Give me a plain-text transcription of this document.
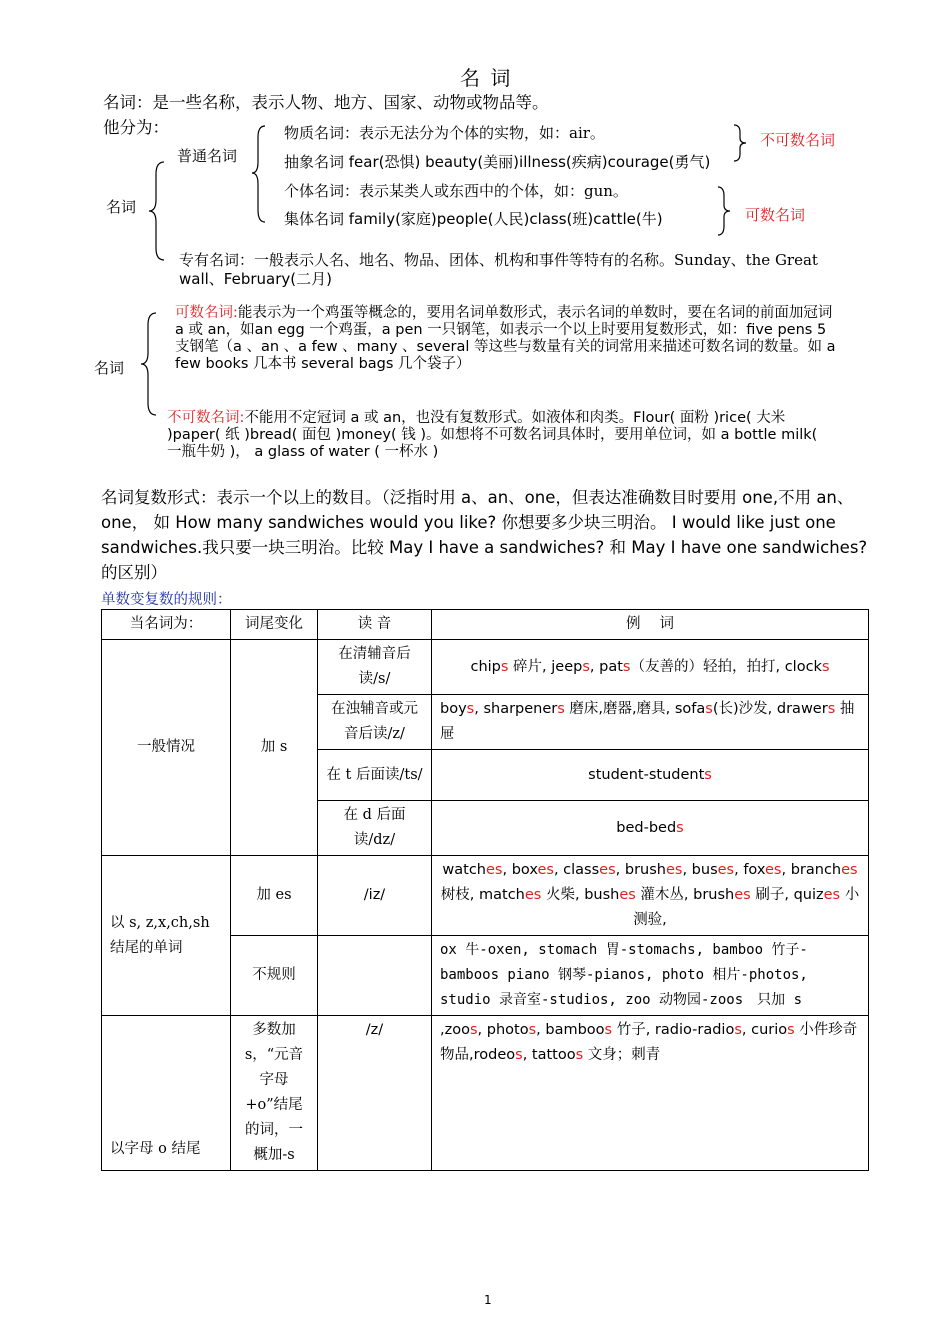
名 词
名词：是一些名称，表示人物、地方、国家、动物或物品等。
他分为：
名词
普通名词
物质名词：表示无法分为个体的实物，如：air。
抽象名词 fear(恐惧) beauty(美丽)illness(疾病)courage(勇气)
个体名词：表示某类人或东西中的个体，如：gun。
集体名词 family(家庭)people(人民)class(班)cattle(牛)
不可数名词
可数名词
专有名词：一般表示人名、地名、物品、团体、机构和事件等特有的名称。Sunday、the Great
wall、February(二月)
名词
可数名词:能表示为一个鸡蛋等概念的，要用名词单数形式，表示名词的单数时，要在名词的前面加冠词 a 或 an，如an egg 一个鸡蛋，a pen 一只钢笔，如表示一个以上时要用复数形式，如：five pens 5 支钢笔（a 、an 、a few 、many 、several 等这些与数量有关的词常用来描述可数名词的数量。如 a few books 几本书 several bags 几个袋子）
不可数名词:不能用不定冠词 a 或 an，也没有复数形式。如液体和肉类。Flour( 面粉 )rice( 大米 )paper( 纸 )bread( 面包 )money( 钱 )。如想将不可数名词具体时，要用单位词，如 a bottle milk( 一瓶牛奶 )， a glass of water ( 一杯水 )
名词复数形式：表示一个以上的数目。（泛指时用 a、an、one，但表达准确数目时要用 one,不用 an、one， 如 How many sandwiches would you like? 你想要多少块三明治。 I would like just one sandwiches.我只要一块三明治。比较 May I have a sandwiches? 和 May I have one sandwiches?的区别）
单数变复数的规则：
当名词为：	词尾变化	读 音	例　 词
一般情况	加 s	在清辅音后读/s/	chips 碎片, jeeps, pats（友善的）轻拍，拍打, clocks
		在浊辅音或元音后读/z/	boys, sharpeners 磨床,磨器,磨具, sofas(长)沙发, drawers 抽屉
		在 t 后面读/ts/	student-students
		在 d 后面读/dz/	bed-beds
以 s, z,x,ch,sh 结尾的单词	加 es	/iz/	watches, boxes, classes, brushes, buses, foxes, branches 树枝, matches 火柴, bushes 灌木丛, brushes 刷子, quizes 小测验,
	不规则		ox 牛-oxen, stomach 胃-stomachs, bamboo 竹子-bamboos piano 钢琴-pianos, photo 相片-photos, studio 录音室-studios, zoo 动物园-zoos　只加 s
以字母 o 结尾	多数加 s，“元音字母+o”结尾的词，一概加-s	/z/	,zoos, photos, bamboos 竹子, radio-radios, curios 小件珍奇物品,rodeos, tattoos 文身；刺青
1
